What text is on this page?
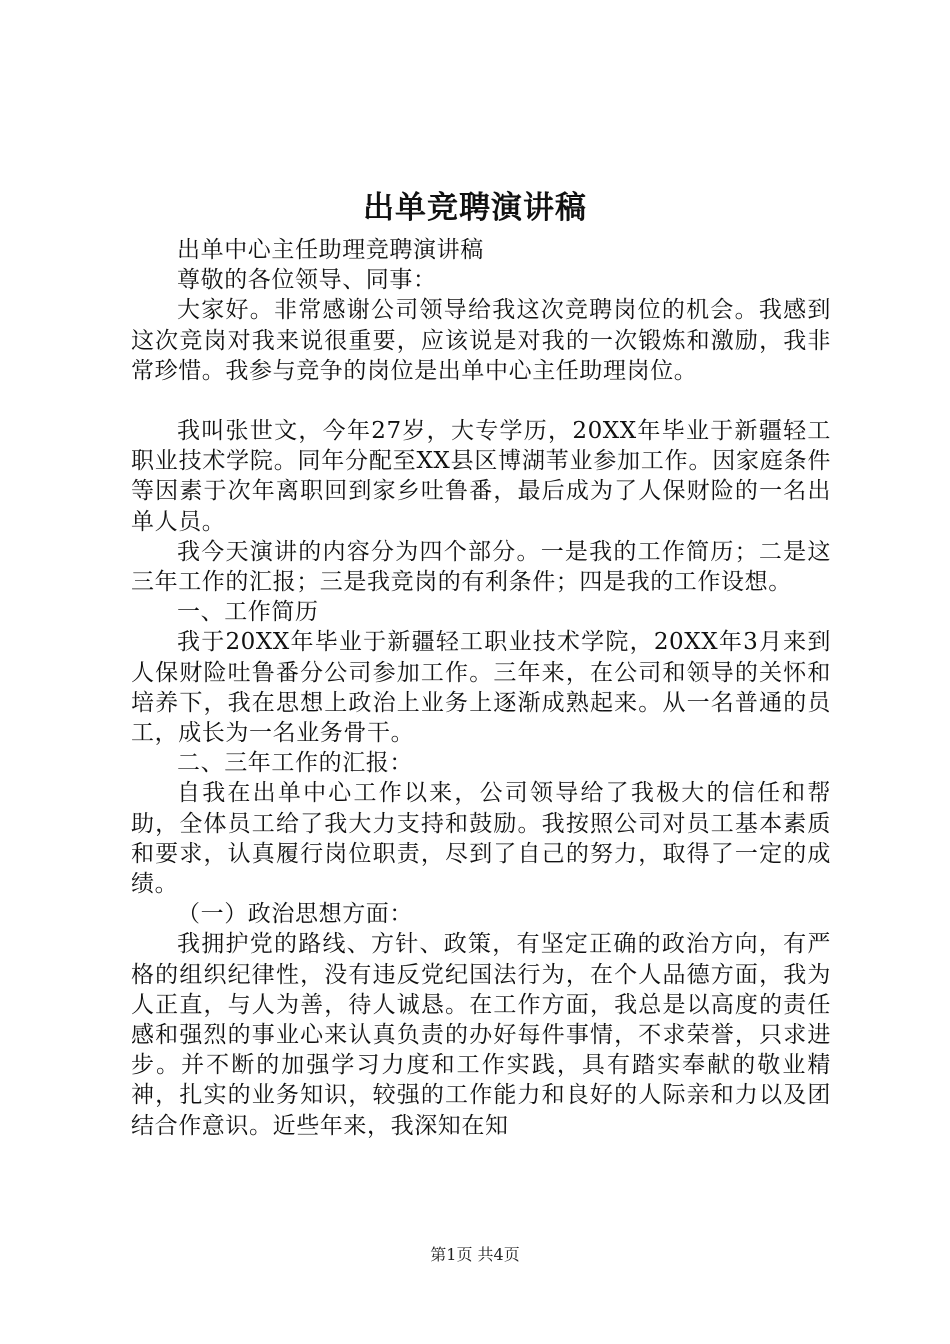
出单竞聘演讲稿

出单中心主任助理竞聘演讲稿

尊敬的各位领导、同事：

大家好。非常感谢公司领导给我这次竞聘岗位的机会。我感到这次竞岗对我来说很重要，应该说是对我的一次锻炼和激励，我非常珍惜。我参与竞争的岗位是出单中心主任助理岗位。

我叫张世文，今年27岁，大专学历，20XX年毕业于新疆轻工职业技术学院。同年分配至XX县区博湖苇业参加工作。因家庭条件等因素于次年离职回到家乡吐鲁番，最后成为了人保财险的一名出单人员。

我今天演讲的内容分为四个部分。一是我的工作简历；二是这三年工作的汇报；三是我竞岗的有利条件；四是我的工作设想。

一、工作简历

我于20XX年毕业于新疆轻工职业技术学院，20XX年3月来到人保财险吐鲁番分公司参加工作。三年来，在公司和领导的关怀和培养下，我在思想上政治上业务上逐渐成熟起来。从一名普通的员工，成长为一名业务骨干。

二、三年工作的汇报：

自我在出单中心工作以来，公司领导给了我极大的信任和帮助，全体员工给了我大力支持和鼓励。我按照公司对员工基本素质和要求，认真履行岗位职责，尽到了自己的努力，取得了一定的成绩。

（一）政治思想方面：

我拥护党的路线、方针、政策，有坚定正确的政治方向，有严格的组织纪律性，没有违反党纪国法行为，在个人品德方面，我为人正直，与人为善，待人诚恳。在工作方面，我总是以高度的责任感和强烈的事业心来认真负责的办好每件事情，不求荣誉，只求进步。并不断的加强学习力度和工作实践，具有踏实奉献的敬业精神，扎实的业务知识，较强的工作能力和良好的人际亲和力以及团结合作意识。近些年来，我深知在知

第1页 共4页
